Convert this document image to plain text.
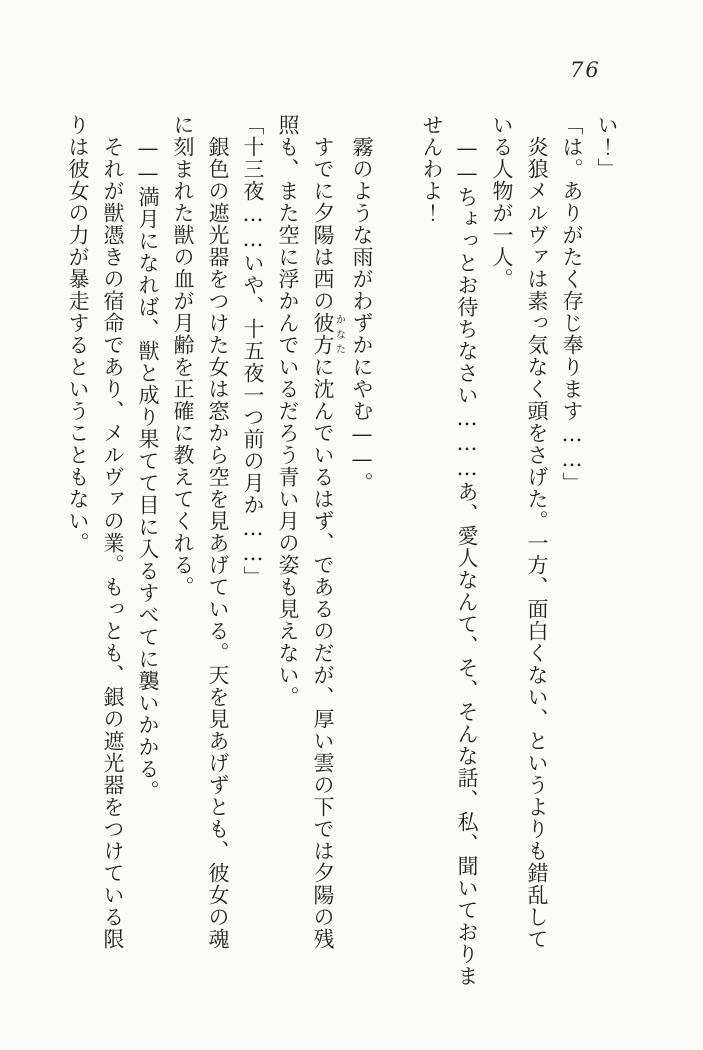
76
い！」
「は。ありがたく存じ奉ります……」
炎狼メルヴァは素っ気なく頭をさげた。一方、面白くない、というよりも錯乱して
いる人物が一人。
——ちょっとお待ちなさい………あ、愛人なんて、そ、そんな話、私、聞いておりま
せんわよ！
霧のような雨がわずかにやむ——。
すでに夕陽は西の彼方かなたに沈んでいるはず、であるのだが、厚い雲の下では夕陽の残
照も、また空に浮かんでいるだろう青い月の姿も見えない。
「十三夜……いや、十五夜一つ前の月か……」
銀色の遮光器をつけた女は窓から空を見あげている。天を見あげずとも、彼女の魂
に刻まれた獣の血が月齢を正確に教えてくれる。
——満月になれば、獣と成り果てて目に入るすべてに襲いかかる。
それが獣憑きの宿命であり、メルヴァの業。もっとも、銀の遮光器をつけている限
りは彼女の力が暴走するということもない。
